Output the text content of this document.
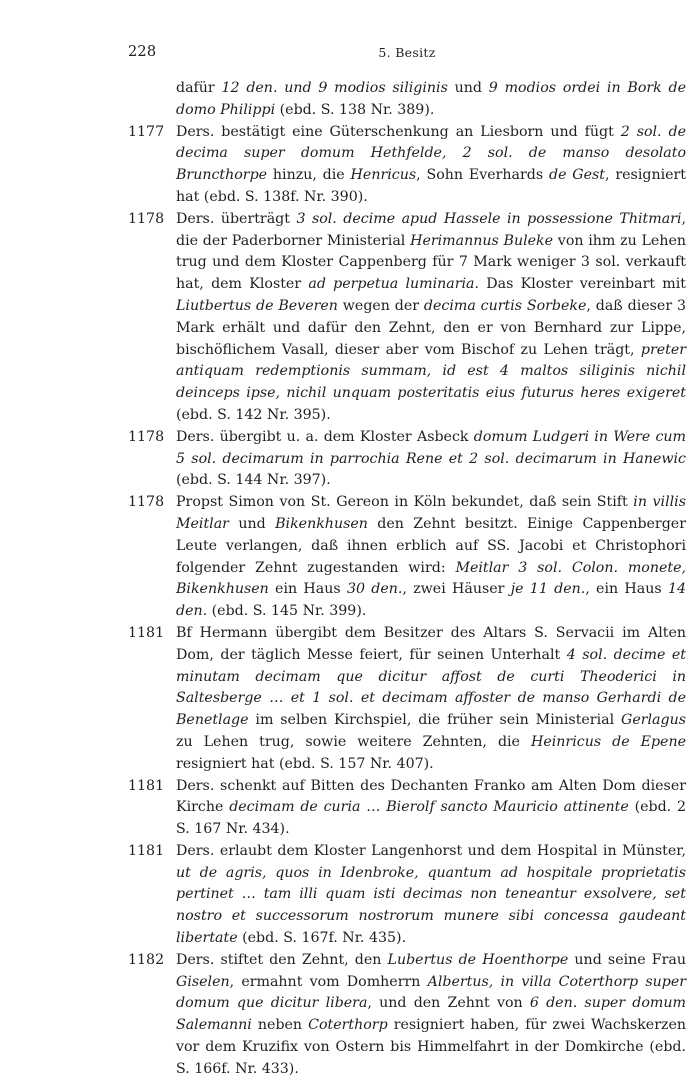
228	5. Besitz
dafür 12 den. und 9 modios siliginis und 9 modios ordei in Bork de domo Philippi (ebd. S. 138 Nr. 389).
1177 Ders. bestätigt eine Güterschenkung an Liesborn und fügt 2 sol. de decima super domum Hethfelde, 2 sol. de manso desolato Bruncthorpe hinzu, die Henricus, Sohn Everhards de Gest, resigniert hat (ebd. S. 138f. Nr. 390).
1178 Ders. überträgt 3 sol. decime apud Hassele in possessione Thitmari, die der Paderborner Ministerial Herimannus Buleke von ihm zu Lehen trug und dem Kloster Cappenberg für 7 Mark weniger 3 sol. verkauft hat, dem Kloster ad perpetua luminaria. Das Kloster vereinbart mit Liutbertus de Beveren wegen der decima curtis Sorbeke, daß dieser 3 Mark erhält und dafür den Zehnt, den er von Bernhard zur Lippe, bischöflichem Vasall, dieser aber vom Bischof zu Lehen trägt, preter antiquam redemptionis summam, id est 4 maltos siliginis nichil deinceps ipse, nichil unquam posteritatis eius futurus heres exigeret (ebd. S. 142 Nr. 395).
1178 Ders. übergibt u. a. dem Kloster Asbeck domum Ludgeri in Were cum 5 sol. decimarum in parrochia Rene et 2 sol. decimarum in Hanewic (ebd. S. 144 Nr. 397).
1178 Propst Simon von St. Gereon in Köln bekundet, daß sein Stift in villis Meitlar und Bikenkhusen den Zehnt besitzt. Einige Cappenberger Leute verlangen, daß ihnen erblich auf SS. Jacobi et Christophori folgender Zehnt zugestanden wird: Meitlar 3 sol. Colon. monete, Bikenkhusen ein Haus 30 den., zwei Häuser je 11 den., ein Haus 14 den. (ebd. S. 145 Nr. 399).
1181 Bf Hermann übergibt dem Besitzer des Altars S. Servacii im Alten Dom, der täglich Messe feiert, für seinen Unterhalt 4 sol. decime et minutam decimam que dicitur affost de curti Theoderici in Saltesberge … et 1 sol. et decimam affoster de manso Gerhardi de Benetlage im selben Kirchspiel, die früher sein Ministerial Gerlagus zu Lehen trug, sowie weitere Zehnten, die Heinricus de Epene resigniert hat (ebd. S. 157 Nr. 407).
1181 Ders. schenkt auf Bitten des Dechanten Franko am Alten Dom dieser Kirche decimam de curia … Bierolf sancto Mauricio attinente (ebd. 2 S. 167 Nr. 434).
1181 Ders. erlaubt dem Kloster Langenhorst und dem Hospital in Münster, ut de agris, quos in Idenbroke, quantum ad hospitale proprietatis pertinet … tam illi quam isti decimas non teneantur exsolvere, set nostro et successorum nostrorum munere sibi concessa gaudeant libertate (ebd. S. 167f. Nr. 435).
1182 Ders. stiftet den Zehnt, den Lubertus de Hoenthorpe und seine Frau Giselen, ermahnt vom Domherrn Albertus, in villa Coterthorp super domum que dicitur libera, und den Zehnt von 6 den. super domum Salemanni neben Coterthorp resigniert haben, für zwei Wachskerzen vor dem Kruzifix von Ostern bis Himmelfahrt in der Domkirche (ebd. S. 166f. Nr. 433).
